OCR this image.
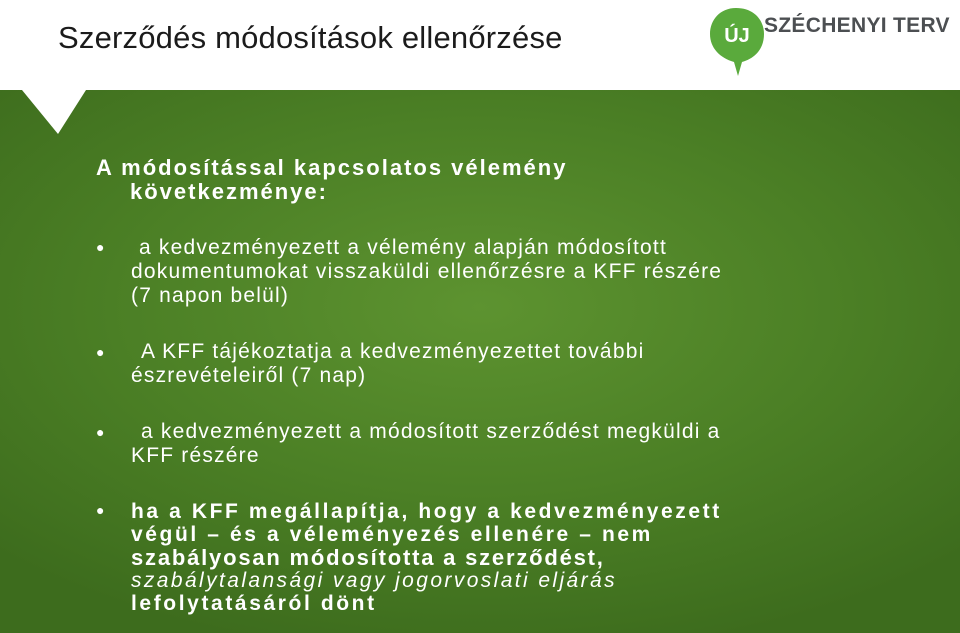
Szerződés módosítások ellenőrzése	ÚJ SZÉCHENYI TERV
A módosítással kapcsolatos vélemény
következménye:
●	a kedvezményezett a vélemény alapján módosított
dokumentumokat visszaküldi ellenőrzésre a KFF részére
(7 napon belül)
●	A KFF tájékoztatja a kedvezményezettet további
észrevételeiről (7 nap)
●	a kedvezményezett a módosított szerződést megküldi a
KFF részére
● ha a KFF megállapítja, hogy a kedvezményezett
végül – és a véleményezés ellenére – nem
szabályosan módosította a szerződést,
szabálytalansági vagy jogorvoslati eljárás
lefolytatásáról dönt
